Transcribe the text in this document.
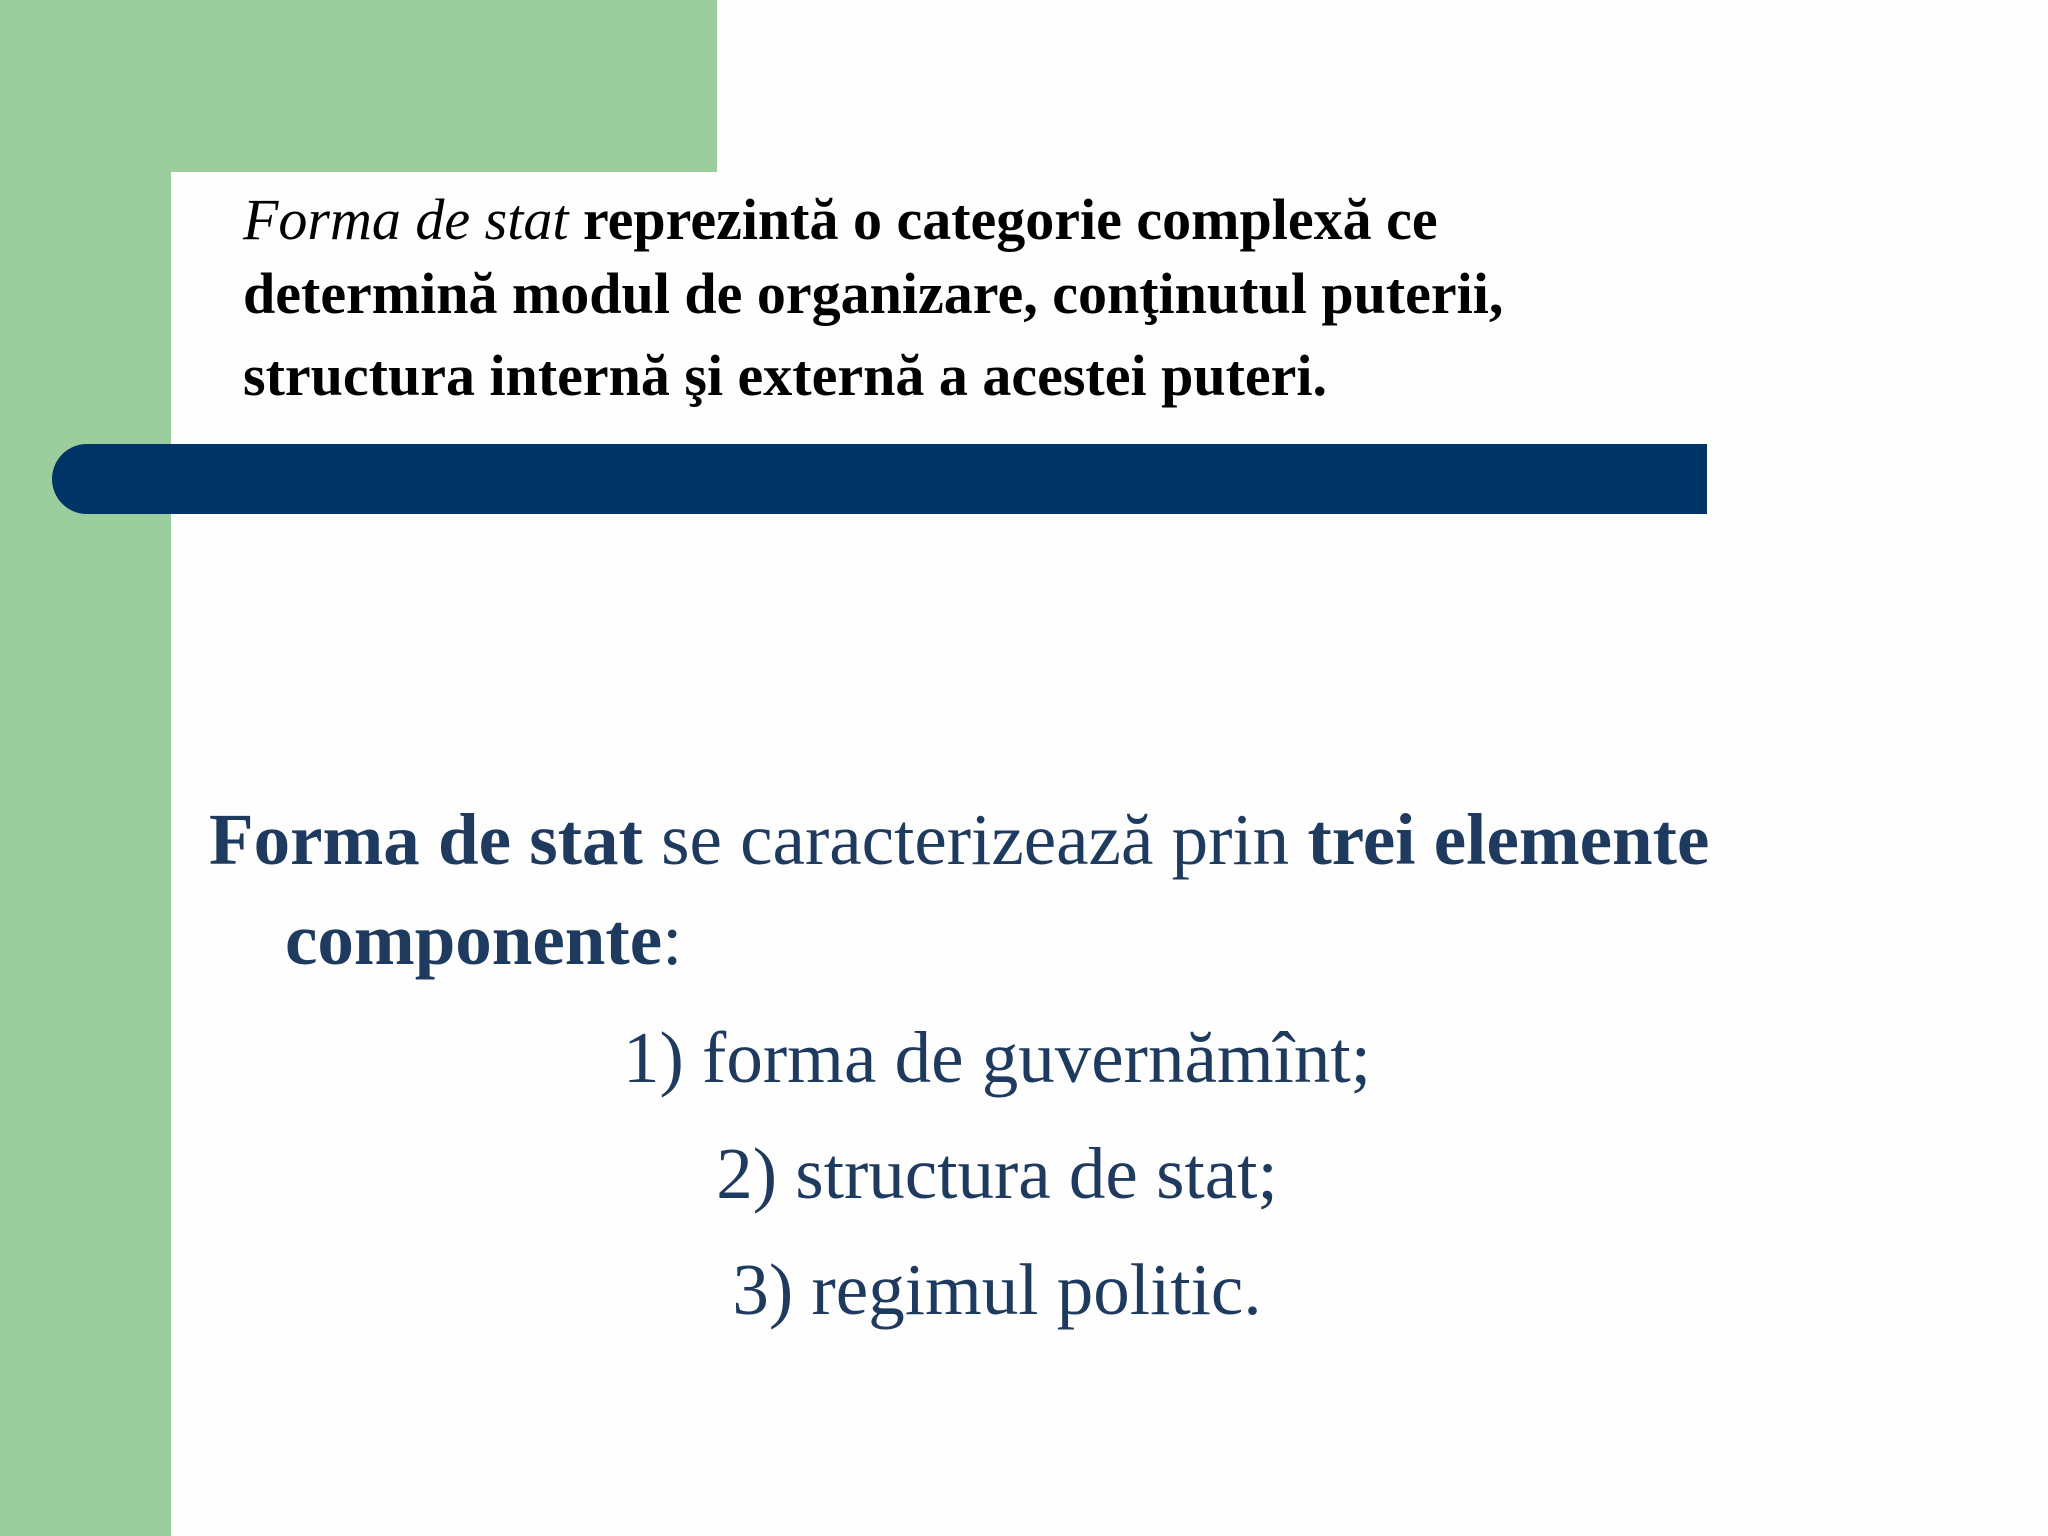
Forma de stat reprezintă o categorie complexă ce
determină modul de organizare, conţinutul puterii,
structura internă şi externă a acestei puteri.
Forma de stat se caracterizează prin trei elemente componente:
1) forma de guvernămînt;
2) structura de stat;
3) regimul politic.
